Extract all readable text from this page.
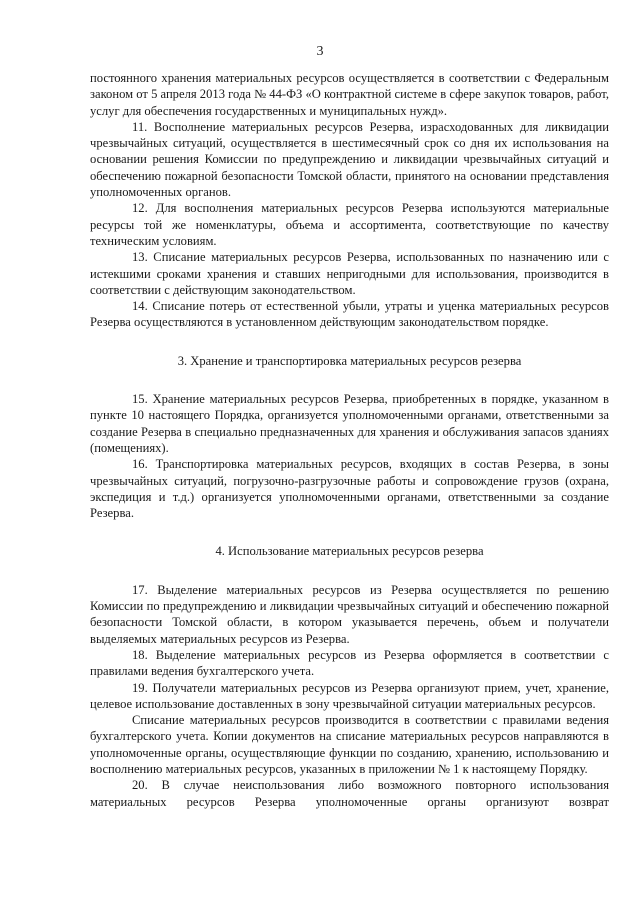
3

постоянного хранения материальных ресурсов осуществляется в соответствии с Федеральным законом от 5 апреля 2013 года № 44-ФЗ «О контрактной системе в сфере закупок товаров, работ, услуг для обеспечения государственных и муниципальных нужд».

11. Восполнение материальных ресурсов Резерва, израсходованных для ликвидации чрезвычайных ситуаций, осуществляется в шестимесячный срок со дня их использования на основании решения Комиссии по предупреждению и ликвидации чрезвычайных ситуаций и обеспечению пожарной безопасности Томской области, принятого на основании представления уполномоченных органов.

12. Для восполнения материальных ресурсов Резерва используются материальные ресурсы той же номенклатуры, объема и ассортимента, соответствующие по качеству техническим условиям.

13. Списание материальных ресурсов Резерва, использованных по назначению или с истекшими сроками хранения и ставших непригодными для использования, производится в соответствии с действующим законодательством.

14. Списание потерь от естественной убыли, утраты и уценка материальных ресурсов Резерва осуществляются в установленном действующим законодательством порядке.

3. Хранение и транспортировка материальных ресурсов резерва

15. Хранение материальных ресурсов Резерва, приобретенных в порядке, указанном в пункте 10 настоящего Порядка, организуется уполномоченными органами, ответственными за создание Резерва в специально предназначенных для хранения и обслуживания запасов зданиях (помещениях).

16. Транспортировка материальных ресурсов, входящих в состав Резерва, в зоны чрезвычайных ситуаций, погрузочно-разгрузочные работы и сопровождение грузов (охрана, экспедиция и т.д.) организуется уполномоченными органами, ответственными за создание Резерва.

4. Использование материальных ресурсов резерва

17. Выделение материальных ресурсов из Резерва осуществляется по решению Комиссии по предупреждению и ликвидации чрезвычайных ситуаций и обеспечению пожарной безопасности Томской области, в котором указывается перечень, объем и получатели выделяемых материальных ресурсов из Резерва.

18. Выделение материальных ресурсов из Резерва оформляется в соответствии с правилами ведения бухгалтерского учета.

19. Получатели материальных ресурсов из Резерва организуют прием, учет, хранение, целевое использование доставленных в зону чрезвычайной ситуации материальных ресурсов.

Списание материальных ресурсов производится в соответствии с правилами ведения бухгалтерского учета. Копии документов на списание материальных ресурсов направляются в уполномоченные органы, осуществляющие функции по созданию, хранению, использованию и восполнению материальных ресурсов, указанных в приложении № 1 к настоящему Порядку.

20. В случае неиспользования либо возможного повторного использования материальных ресурсов Резерва уполномоченные органы организуют возврат
